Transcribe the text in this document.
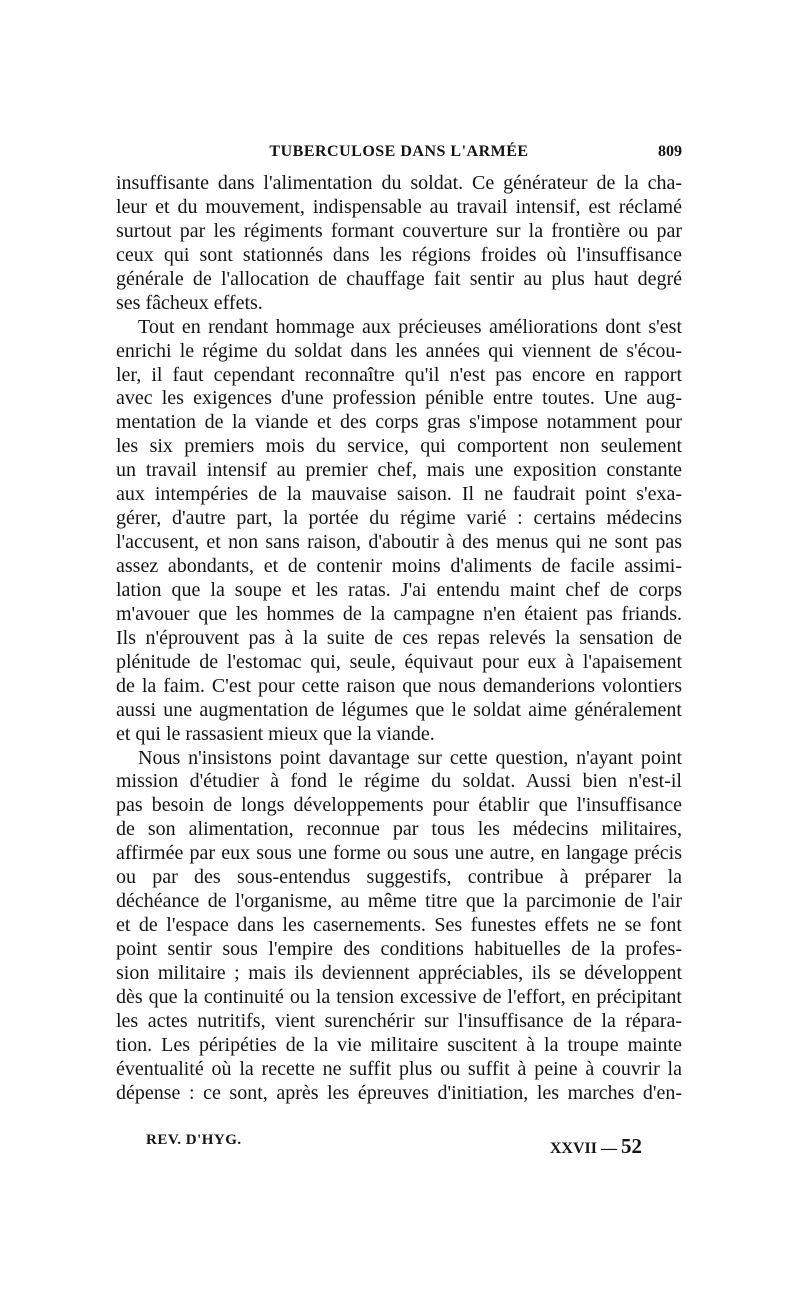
TUBERCULOSE DANS L'ARMÉE	809
insuffisante dans l'alimentation du soldat. Ce générateur de la cha-
leur et du mouvement, indispensable au travail intensif, est réclamé
surtout par les régiments formant couverture sur la frontière ou par
ceux qui sont stationnés dans les régions froides où l'insuffisance
générale de l'allocation de chauffage fait sentir au plus haut degré
ses fâcheux effets.
Tout en rendant hommage aux précieuses améliorations dont s'est
enrichi le régime du soldat dans les années qui viennent de s'écou-
ler, il faut cependant reconnaître qu'il n'est pas encore en rapport
avec les exigences d'une profession pénible entre toutes. Une aug-
mentation de la viande et des corps gras s'impose notamment pour
les six premiers mois du service, qui comportent non seulement
un travail intensif au premier chef, mais une exposition constante
aux intempéries de la mauvaise saison. Il ne faudrait point s'exa-
gérer, d'autre part, la portée du régime varié : certains médecins
l'accusent, et non sans raison, d'aboutir à des menus qui ne sont pas
assez abondants, et de contenir moins d'aliments de facile assimi-
lation que la soupe et les ratas. J'ai entendu maint chef de corps
m'avouer que les hommes de la campagne n'en étaient pas friands.
Ils n'éprouvent pas à la suite de ces repas relevés la sensation de
plénitude de l'estomac qui, seule, équivaut pour eux à l'apaisement
de la faim. C'est pour cette raison que nous demanderions volontiers
aussi une augmentation de légumes que le soldat aime généralement
et qui le rassasient mieux que la viande.
Nous n'insistons point davantage sur cette question, n'ayant point
mission d'étudier à fond le régime du soldat. Aussi bien n'est-il
pas besoin de longs développements pour établir que l'insuffisance
de son alimentation, reconnue par tous les médecins militaires,
affirmée par eux sous une forme ou sous une autre, en langage précis
ou par des sous-entendus suggestifs, contribue à préparer la
déchéance de l'organisme, au même titre que la parcimonie de l'air
et de l'espace dans les casernements. Ses funestes effets ne se font
point sentir sous l'empire des conditions habituelles de la profes-
sion militaire ; mais ils deviennent appréciables, ils se développent
dès que la continuité ou la tension excessive de l'effort, en précipitant
les actes nutritifs, vient surenchérir sur l'insuffisance de la répara-
tion. Les péripéties de la vie militaire suscitent à la troupe mainte
éventualité où la recette ne suffit plus ou suffit à peine à couvrir la
dépense : ce sont, après les épreuves d'initiation, les marches d'en-
REV. D'HYG.	XXVII — 52
